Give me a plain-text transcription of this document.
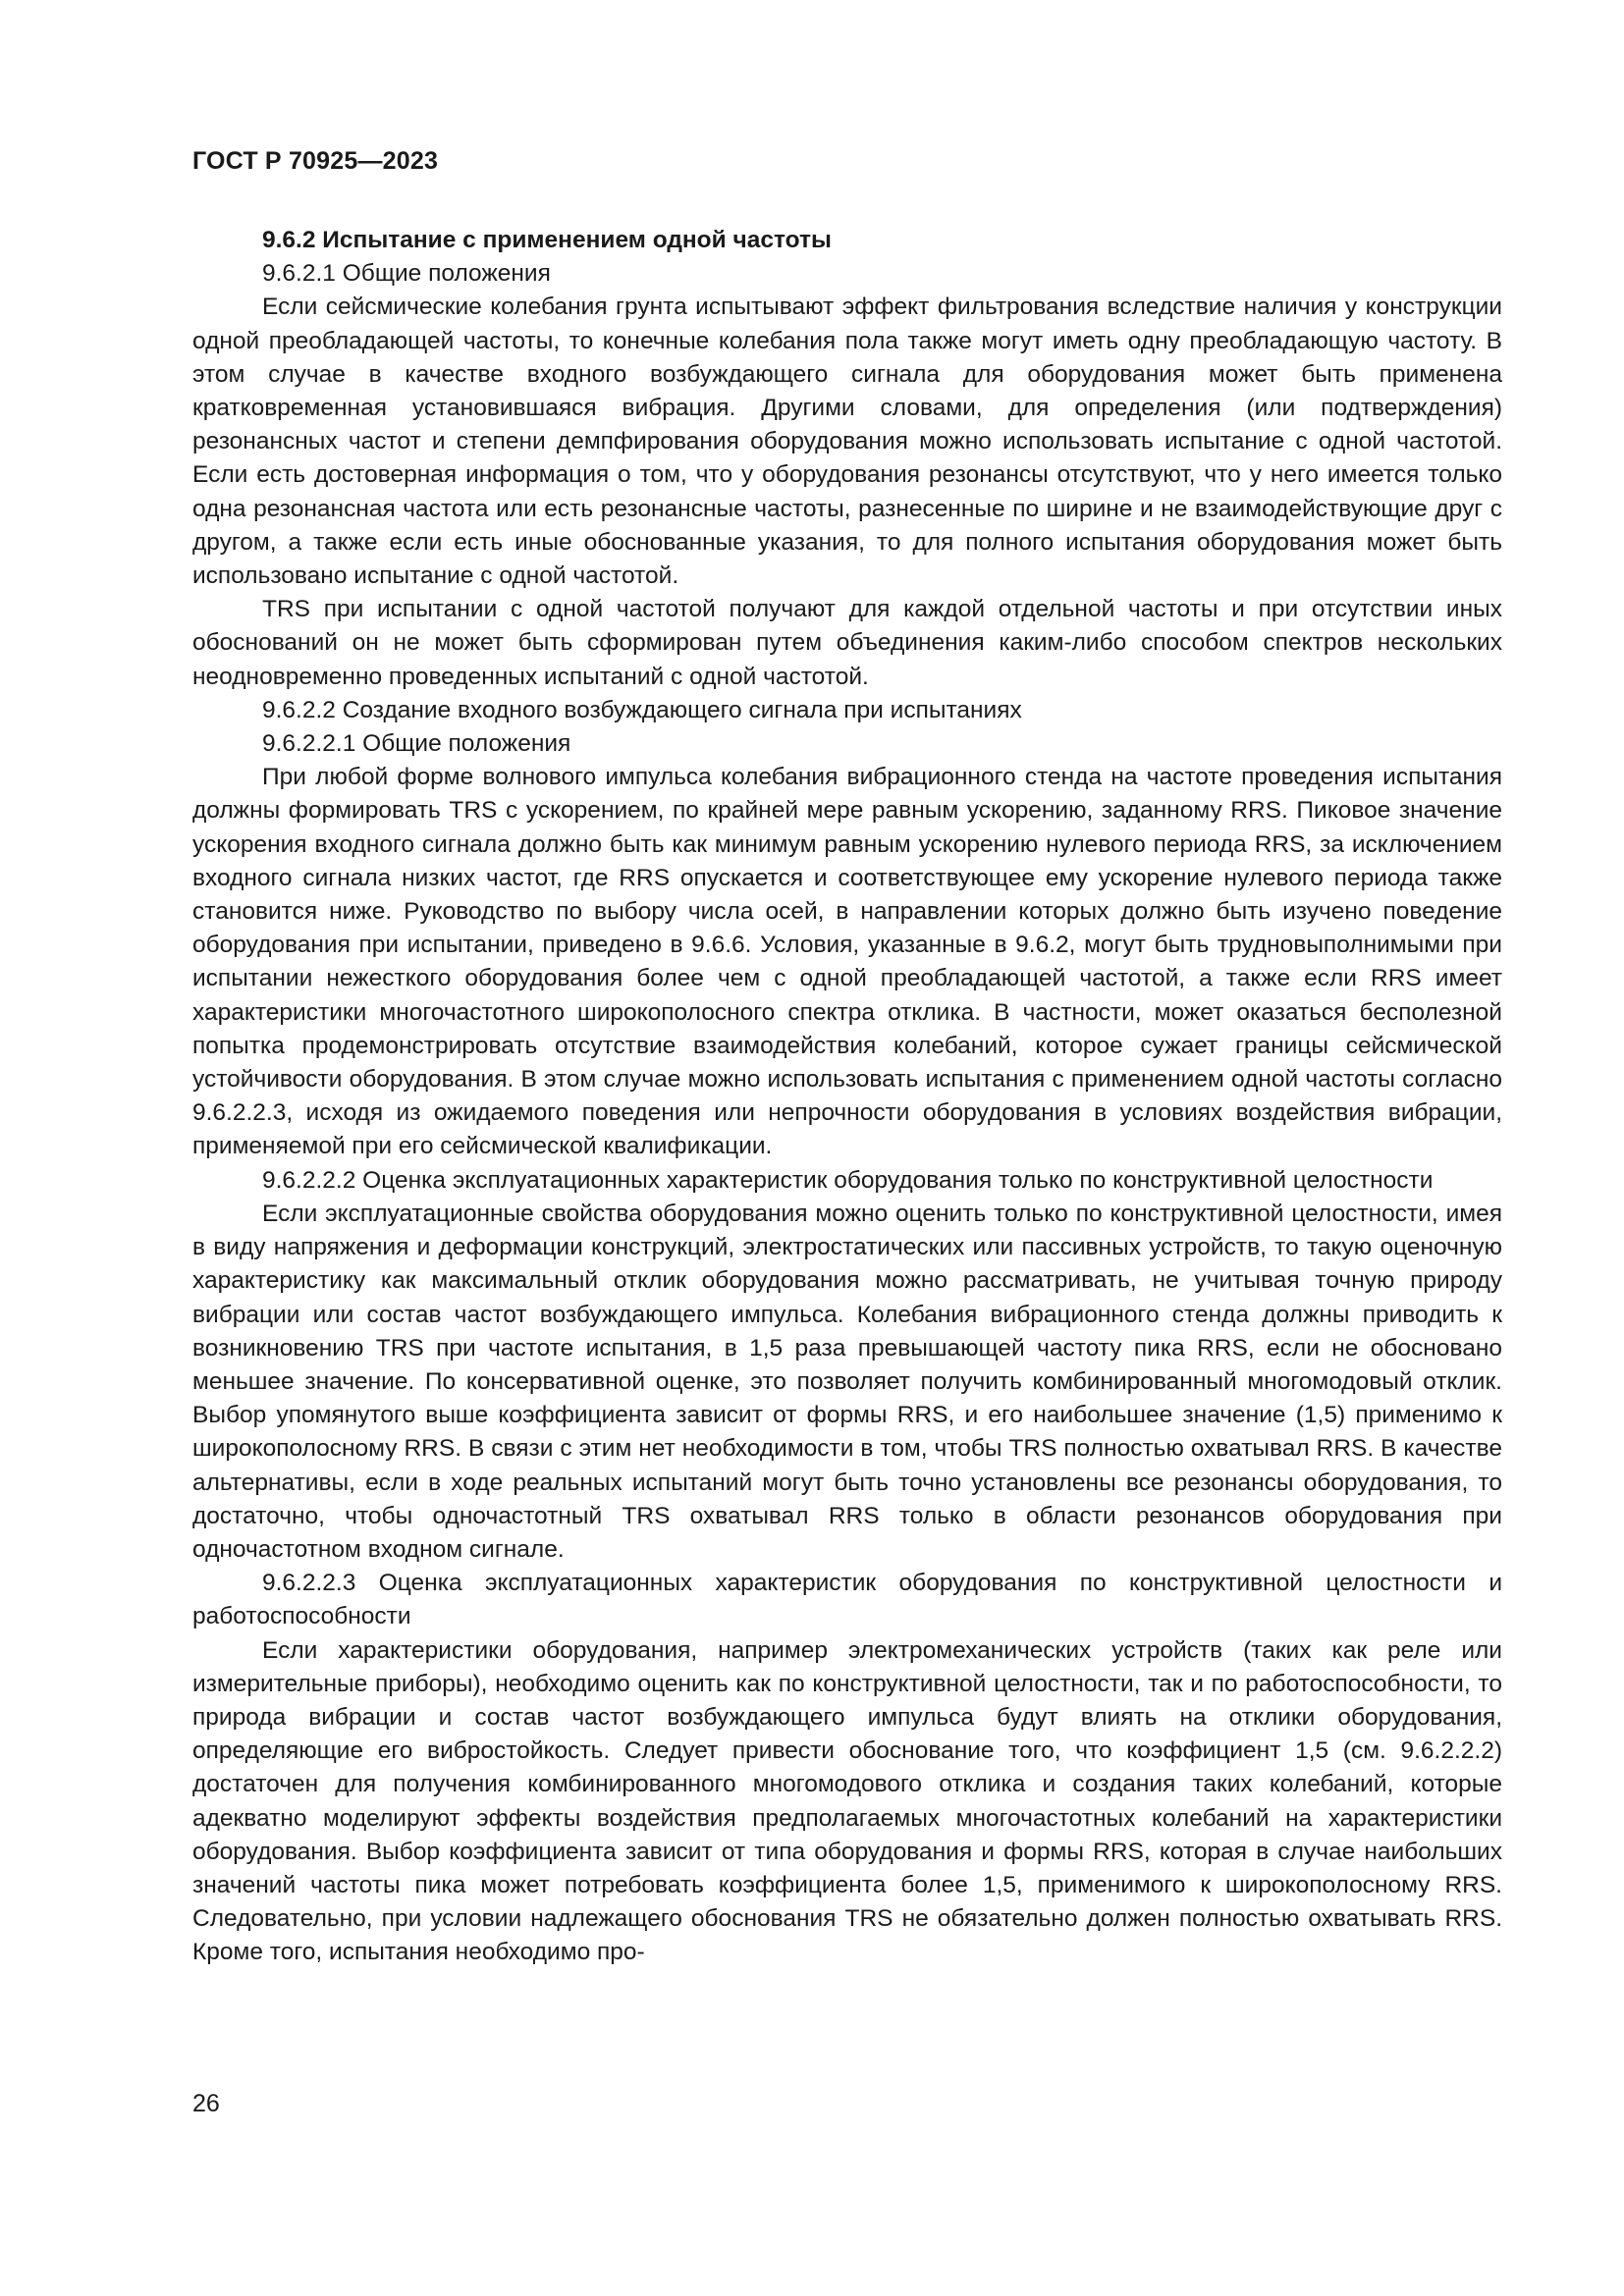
ГОСТ Р 70925—2023

9.6.2 Испытание с применением одной частоты

9.6.2.1 Общие положения

Если сейсмические колебания грунта испытывают эффект фильтрования вследствие наличия у конструкции одной преобладающей частоты, то конечные колебания пола также могут иметь одну преобладающую частоту. В этом случае в качестве входного возбуждающего сигнала для оборудования может быть применена кратковременная установившаяся вибрация. Другими словами, для определения (или подтверждения) резонансных частот и степени демпфирования оборудования можно использовать испытание с одной частотой. Если есть достоверная информация о том, что у оборудования резонансы отсутствуют, что у него имеется только одна резонансная частота или есть резонансные частоты, разнесенные по ширине и не взаимодействующие друг с другом, а также если есть иные обоснованные указания, то для полного испытания оборудования может быть использовано испытание с одной частотой.

TRS при испытании с одной частотой получают для каждой отдельной частоты и при отсутствии иных обоснований он не может быть сформирован путем объединения каким-либо способом спектров нескольких неодновременно проведенных испытаний с одной частотой.

9.6.2.2 Создание входного возбуждающего сигнала при испытаниях

9.6.2.2.1 Общие положения

При любой форме волнового импульса колебания вибрационного стенда на частоте проведения испытания должны формировать TRS с ускорением, по крайней мере равным ускорению, заданному RRS. Пиковое значение ускорения входного сигнала должно быть как минимум равным ускорению нулевого периода RRS, за исключением входного сигнала низких частот, где RRS опускается и соответствующее ему ускорение нулевого периода также становится ниже. Руководство по выбору числа осей, в направлении которых должно быть изучено поведение оборудования при испытании, приведено в 9.6.6. Условия, указанные в 9.6.2, могут быть трудновыполнимыми при испытании нежесткого оборудования более чем с одной преобладающей частотой, а также если RRS имеет характеристики многочастотного широкополосного спектра отклика. В частности, может оказаться бесполезной попытка продемонстрировать отсутствие взаимодействия колебаний, которое сужает границы сейсмической устойчивости оборудования. В этом случае можно использовать испытания с применением одной частоты согласно 9.6.2.2.3, исходя из ожидаемого поведения или непрочности оборудования в условиях воздействия вибрации, применяемой при его сейсмической квалификации.

9.6.2.2.2 Оценка эксплуатационных характеристик оборудования только по конструктивной целостности

Если эксплуатационные свойства оборудования можно оценить только по конструктивной целостности, имея в виду напряжения и деформации конструкций, электростатических или пассивных устройств, то такую оценочную характеристику как максимальный отклик оборудования можно рассматривать, не учитывая точную природу вибрации или состав частот возбуждающего импульса. Колебания вибрационного стенда должны приводить к возникновению TRS при частоте испытания, в 1,5 раза превышающей частоту пика RRS, если не обосновано меньшее значение. По консервативной оценке, это позволяет получить комбинированный многомодовый отклик. Выбор упомянутого выше коэффициента зависит от формы RRS, и его наибольшее значение (1,5) применимо к широкополосному RRS. В связи с этим нет необходимости в том, чтобы TRS полностью охватывал RRS. В качестве альтернативы, если в ходе реальных испытаний могут быть точно установлены все резонансы оборудования, то достаточно, чтобы одночастотный TRS охватывал RRS только в области резонансов оборудования при одночастотном входном сигнале.

9.6.2.2.3 Оценка эксплуатационных характеристик оборудования по конструктивной целостности и работоспособности

Если характеристики оборудования, например электромеханических устройств (таких как реле или измерительные приборы), необходимо оценить как по конструктивной целостности, так и по работоспособности, то природа вибрации и состав частот возбуждающего импульса будут влиять на отклики оборудования, определяющие его вибростойкость. Следует привести обоснование того, что коэффициент 1,5 (см. 9.6.2.2.2) достаточен для получения комбинированного многомодового отклика и создания таких колебаний, которые адекватно моделируют эффекты воздействия предполагаемых многочастотных колебаний на характеристики оборудования. Выбор коэффициента зависит от типа оборудования и формы RRS, которая в случае наибольших значений частоты пика может потребовать коэффициента более 1,5, применимого к широкополосному RRS. Следовательно, при условии надлежащего обоснования TRS не обязательно должен полностью охватывать RRS. Кроме того, испытания необходимо про-

26
